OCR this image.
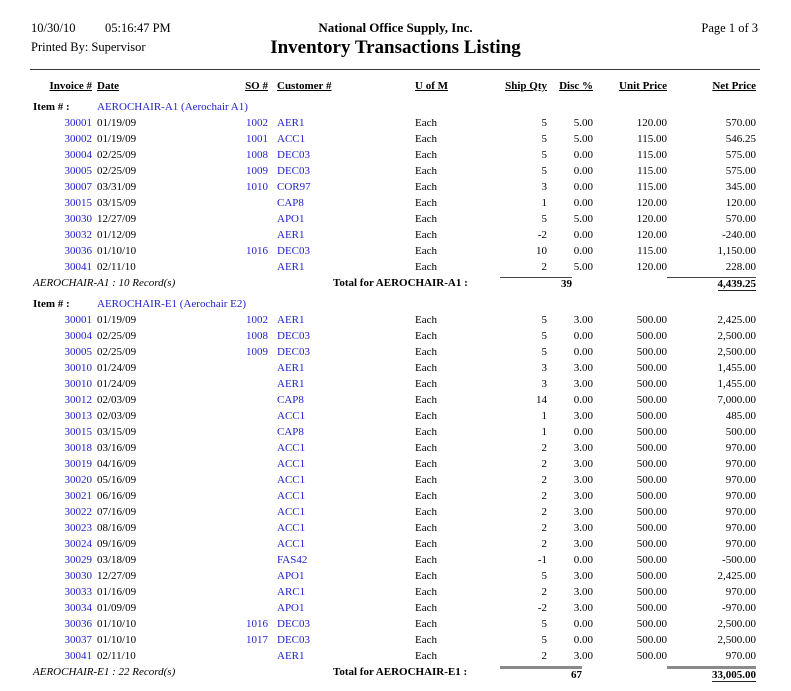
10/30/10 05:16:47 PM	National Office Supply, Inc.	Page 1 of 3
Printed By: Supervisor	Inventory Transactions Listing
Invoice #	Date	SO #	Customer #	U of M	Ship Qty	Disc %	Unit Price	Net Price
Item # :	AEROCHAIR-A1 (Aerochair A1)							
30001	01/19/09	1002	AER1	Each	5	5.00	120.00	570.00
30002	01/19/09	1001	ACC1	Each	5	5.00	115.00	546.25
30004	02/25/09	1008	DEC03	Each	5	0.00	115.00	575.00
30005	02/25/09	1009	DEC03	Each	5	0.00	115.00	575.00
30007	03/31/09	1010	COR97	Each	3	0.00	115.00	345.00
30015	03/15/09		CAP8	Each	1	0.00	120.00	120.00
30030	12/27/09		APO1	Each	5	5.00	120.00	570.00
30032	01/12/09		AER1	Each	-2	0.00	120.00	-240.00
30036	01/10/10	1016	DEC03	Each	10	0.00	115.00	1,150.00
30041	02/11/10		AER1	Each	2	5.00	120.00	228.00
AEROCHAIR-A1 : 10 Record(s)		Total for AEROCHAIR-A1 :			39			4,439.25

Item # :	AEROCHAIR-E1 (Aerochair E2)							
30001	01/19/09	1002	AER1	Each	5	3.00	500.00	2,425.00
30004	02/25/09	1008	DEC03	Each	5	0.00	500.00	2,500.00
30005	02/25/09	1009	DEC03	Each	5	0.00	500.00	2,500.00
30010	01/24/09		AER1	Each	3	3.00	500.00	1,455.00
30010	01/24/09		AER1	Each	3	3.00	500.00	1,455.00
30012	02/03/09		CAP8	Each	14	0.00	500.00	7,000.00
30013	02/03/09		ACC1	Each	1	3.00	500.00	485.00
30015	03/15/09		CAP8	Each	1	0.00	500.00	500.00
30018	03/16/09		ACC1	Each	2	3.00	500.00	970.00
30019	04/16/09		ACC1	Each	2	3.00	500.00	970.00
30020	05/16/09		ACC1	Each	2	3.00	500.00	970.00
30021	06/16/09		ACC1	Each	2	3.00	500.00	970.00
30022	07/16/09		ACC1	Each	2	3.00	500.00	970.00
30023	08/16/09		ACC1	Each	2	3.00	500.00	970.00
30024	09/16/09		ACC1	Each	2	3.00	500.00	970.00
30029	03/18/09		FAS42	Each	-1	0.00	500.00	-500.00
30030	12/27/09		APO1	Each	5	3.00	500.00	2,425.00
30033	01/16/09		ARC1	Each	2	3.00	500.00	970.00
30034	01/09/09		APO1	Each	-2	3.00	500.00	-970.00
30036	01/10/10	1016	DEC03	Each	5	0.00	500.00	2,500.00
30037	01/10/10	1017	DEC03	Each	5	0.00	500.00	2,500.00
30041	02/11/10		AER1	Each	2	3.00	500.00	970.00
AEROCHAIR-E1 : 22 Record(s)		Total for AEROCHAIR-E1 :			67			33,005.00
